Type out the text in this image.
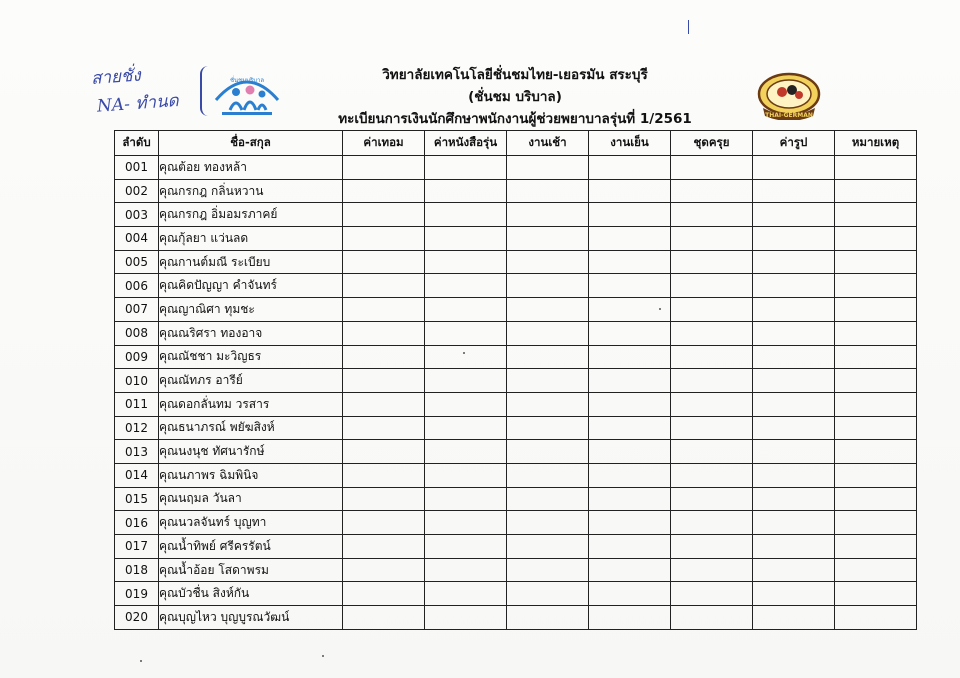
สายชั่ง
NA- ทำนด
ชั่นชมบริบาล	วิทยาลัยเทคโนโลยีชั่นชมไทย-เยอรมัน สระบุรี
(ชั่นชม บริบาล)
ทะเบียนการเงินนักศึกษาพนักงานผู้ช่วยพยาบาลรุ่นที่ 1/2561	THAI-GERMAN
ลำดับ	ชื่อ-สกุล	ค่าเทอม	ค่าหนังสือรุ่น	งานเช้า	งานเย็น	ชุดครุย	ค่ารูป	หมายเหตุ
001	คุณต้อย ทองหล้า							
002	คุณกรกฎ กลิ่นหวาน							
003	คุณกรกฎ อิ่มอมรภาคย์							
004	คุณกุ้ลยา แว่นลด							
005	คุณกานต์มณี ระเบียบ							
006	คุณคิดปัญญา คำจันทร์							
007	คุณญาณิศา ทุมชะ							
008	คุณณริศรา ทองอาจ							
009	คุณณัชชา มะวิญธร							
010	คุณณัทภร อารีย์							
011	คุณดอกลั่นทม วรสาร							
012	คุณธนาภรณ์ พยัฆสิงห์							
013	คุณนงนุช ทัศนารักษ์							
014	คุณนภาพร ฉิมพินิจ							
015	คุณนฤมล วันลา							
016	คุณนวลจันทร์ บุญทา							
017	คุณน้ำทิพย์ ศรีครรัตน์							
018	คุณน้ำอ้อย โสดาพรม							
019	คุณบัวชื่น สิงห์กัน							
020	คุณบุญไหว บุญบูรณวัฒน์							
